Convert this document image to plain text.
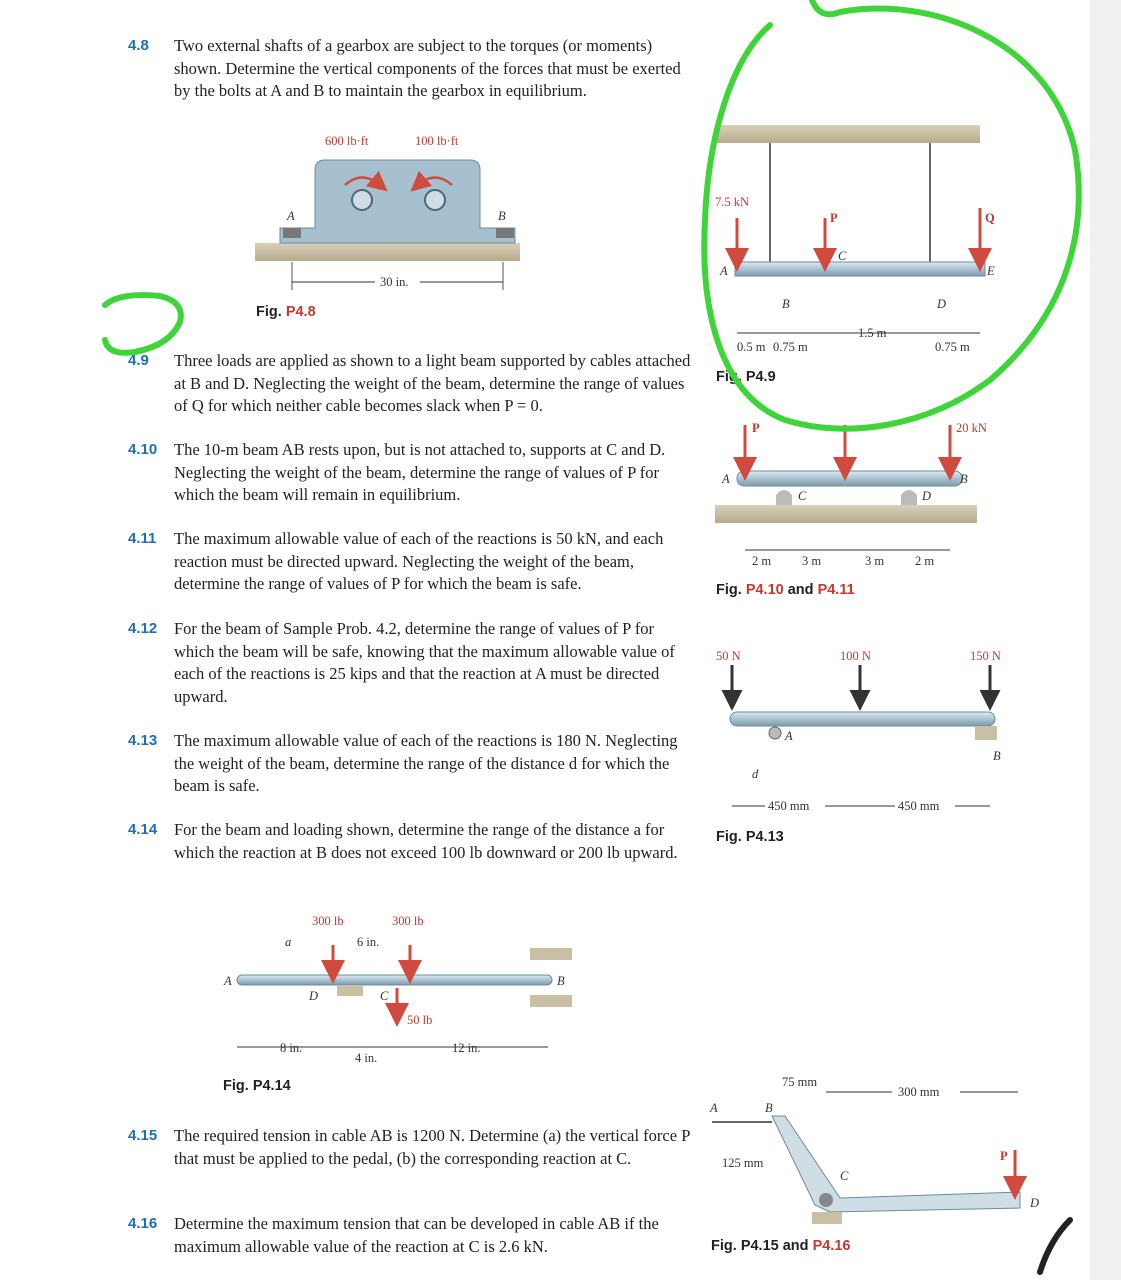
4.8 Two external shafts of a gearbox are subject to the torques (or moments) shown. Determine the vertical components of the forces that must be exerted by the bolts at A and B to maintain the gearbox in equilibrium.
4.9 Three loads are applied as shown to a light beam supported by cables attached at B and D. Neglecting the weight of the beam, determine the range of values of Q for which neither cable becomes slack when P = 0.
4.10 The 10-m beam AB rests upon, but is not attached to, supports at C and D. Neglecting the weight of the beam, determine the range of values of P for which the beam will remain in equilibrium.
4.11 The maximum allowable value of each of the reactions is 50 kN, and each reaction must be directed upward. Neglecting the weight of the beam, determine the range of values of P for which the beam is safe.
4.12 For the beam of Sample Prob. 4.2, determine the range of values of P for which the beam will be safe, knowing that the maximum allowable value of each of the reactions is 25 kips and that the reaction at A must be directed upward.
4.13 The maximum allowable value of each of the reactions is 180 N. Neglecting the weight of the beam, determine the range of the distance d for which the beam is safe.
4.14 For the beam and loading shown, determine the range of the distance a for which the reaction at B does not exceed 100 lb downward or 200 lb upward.
4.15 The required tension in cable AB is 1200 N. Determine (a) the vertical force P that must be applied to the pedal, (b) the corresponding reaction at C.
4.16 Determine the maximum tension that can be developed in cable AB if the maximum allowable value of the reaction at C is 2.6 kN.
Fig. P4.8
Fig. P4.9
Fig. P4.10 and P4.11
Fig. P4.13
Fig. P4.14
Fig. P4.15 and P4.16
600 lb·ft	100 lb·ft
A	B
30 in.
7.5 kN
P	Q
A
B
C
D
E
0.5 m 0.75 m
1.5 m
0.75 m
P	20 kN
A	B
C	D
2 m 3 m	3 m 2 m
50 N	100 N	150 N
A
B
d
450 mm	450 mm
300 lb	300 lb
50 lb
a	6 in.
A	B
C
D
8 in.
4 in.
12 in.
P
A	B
C
D
75 mm
300 mm
125 mm
